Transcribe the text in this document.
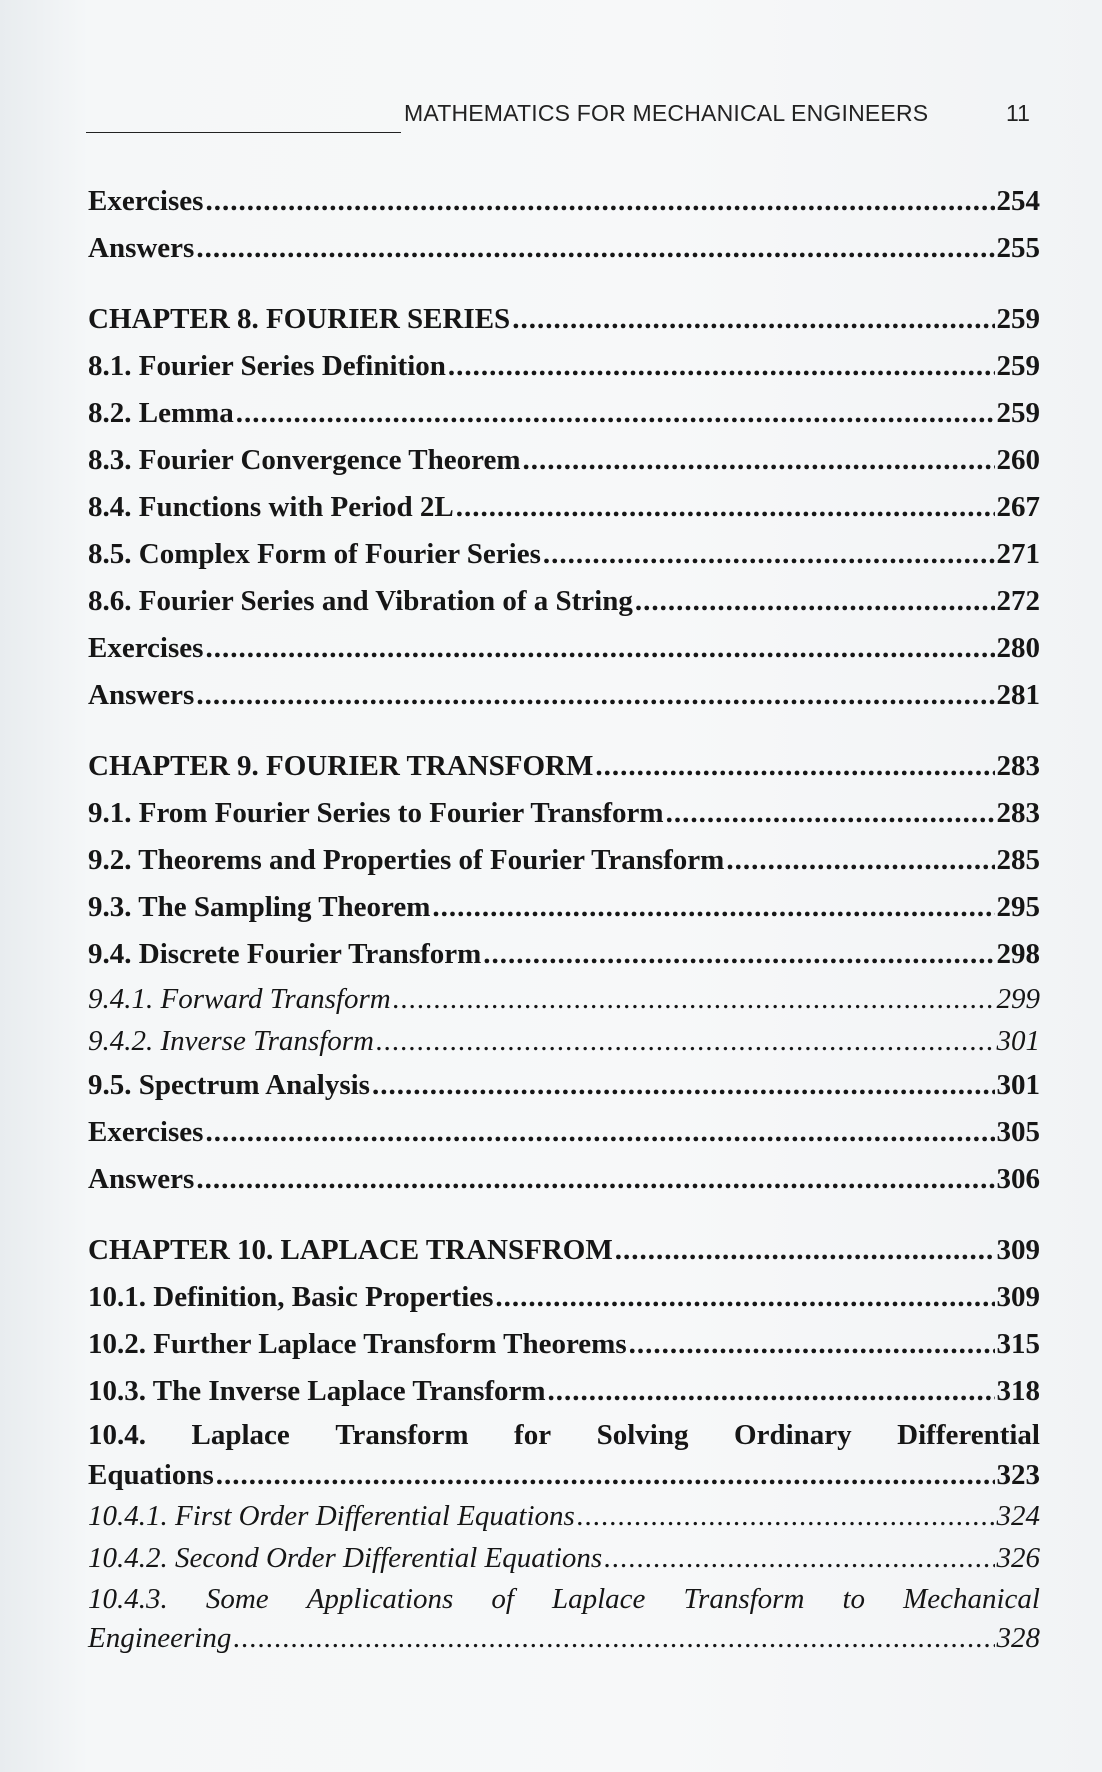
MATHEMATICS FOR MECHANICAL ENGINEERS	11
Exercises .....	254
Answers .....	255
CHAPTER 8. FOURIER SERIES .....	259
8.1. Fourier Series Definition .....	259
8.2. Lemma .....	259
8.3. Fourier Convergence Theorem .....	260
8.4. Functions with Period 2L .....	267
8.5. Complex Form of Fourier Series .....	271
8.6. Fourier Series and Vibration of a String .....	272
Exercises .....	280
Answers .....	281
CHAPTER 9. FOURIER TRANSFORM .....	283
9.1. From Fourier Series to Fourier Transform .....	283
9.2. Theorems and Properties of Fourier Transform .....	285
9.3. The Sampling Theorem .....	295
9.4. Discrete Fourier Transform .....	298
9.4.1. Forward Transform .....	299
9.4.2. Inverse Transform .....	301
9.5. Spectrum Analysis .....	301
Exercises .....	305
Answers .....	306
CHAPTER 10. LAPLACE TRANSFROM .....	309
10.1. Definition, Basic Properties .....	309
10.2. Further Laplace Transform Theorems .....	315
10.3. The Inverse Laplace Transform .....	318
10.4. Laplace Transform for Solving Ordinary Differential
Equations .....	323
10.4.1. First Order Differential Equations .....	324
10.4.2. Second Order Differential Equations .....	326
10.4.3. Some Applications of Laplace Transform to Mechanical
Engineering .....	328
